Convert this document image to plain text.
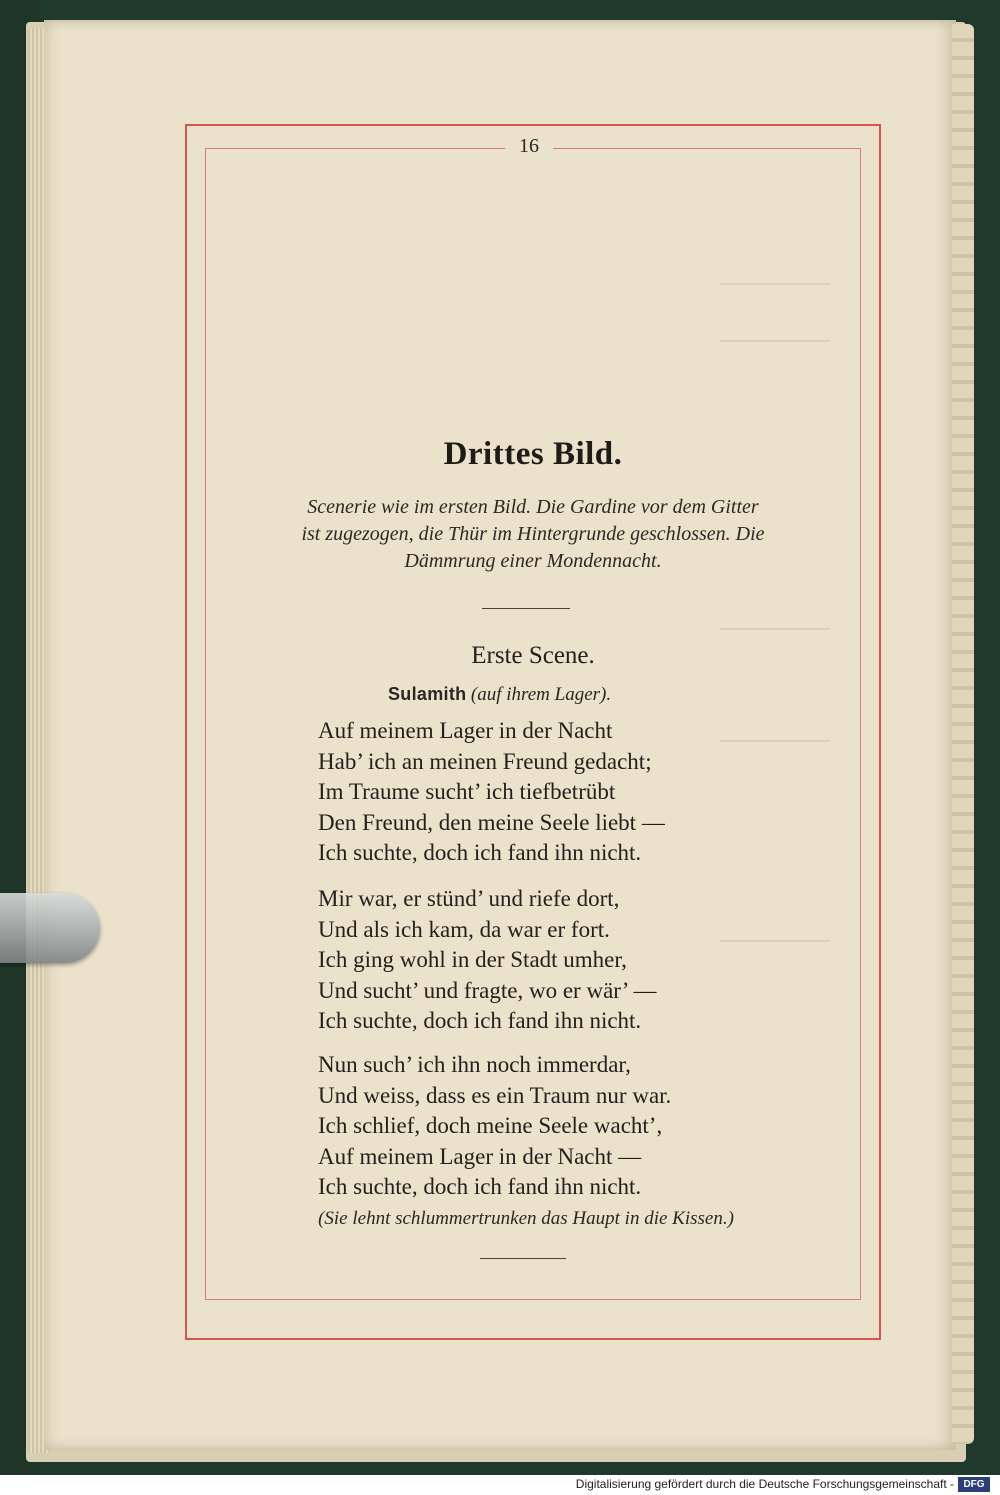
16
Drittes Bild.
Scenerie wie im ersten Bild. Die Gardine vor dem Gitter
ist zugezogen, die Thür im Hintergrunde geschlossen. Die
Dämmrung einer Mondennacht.
Erste Scene.
Sulamith (auf ihrem Lager).
Auf meinem Lager in der Nacht
Hab’ ich an meinen Freund gedacht;
Im Traume sucht’ ich tiefbetrübt
Den Freund, den meine Seele liebt —
Ich suchte, doch ich fand ihn nicht.
Mir war, er stünd’ und riefe dort,
Und als ich kam, da war er fort.
Ich ging wohl in der Stadt umher,
Und sucht’ und fragte, wo er wär’ —
Ich suchte, doch ich fand ihn nicht.
Nun such’ ich ihn noch immerdar,
Und weiss, dass es ein Traum nur war.
Ich schlief, doch meine Seele wacht’,
Auf meinem Lager in der Nacht —
Ich suchte, doch ich fand ihn nicht.
(Sie lehnt schlummertrunken das Haupt in die Kissen.)
Digitalisierung gefördert durch die Deutsche Forschungsgemeinschaft - DFG
